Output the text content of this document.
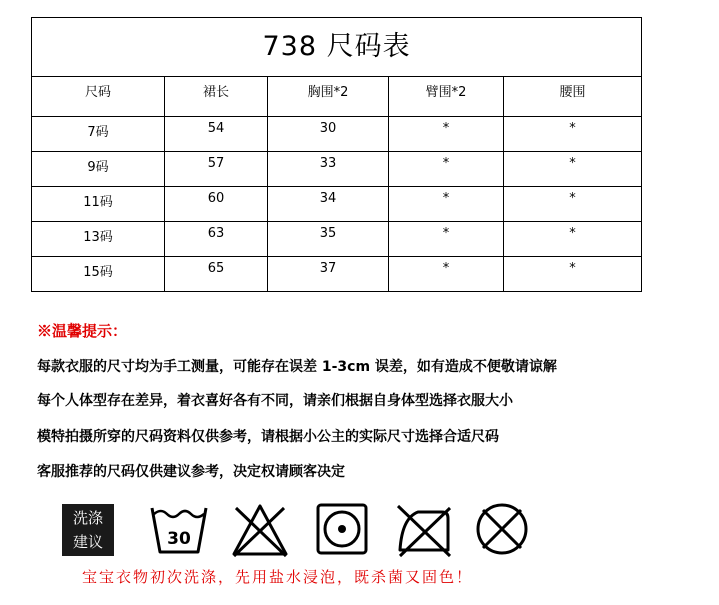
738 尺码表				
尺码	裙长	胸围*2	臂围*2	腰围
7码	54	30	*	*
9码	57	33	*	*
11码	60	34	*	*
13码	63	35	*	*
15码	65	37	*	*
※温馨提示：
每款衣服的尺寸均为手工测量，可能存在误差 1-3cm 误差，如有造成不便敬请谅解
每个人体型存在差异，着衣喜好各有不同，请亲们根据自身体型选择衣服大小
模特拍摄所穿的尺码资料仅供参考，请根据小公主的实际尺寸选择合适尺码
客服推荐的尺码仅供建议参考，决定权请顾客决定
洗涤
建议	30
宝宝衣物初次洗涤，先用盐水浸泡，既杀菌又固色！
